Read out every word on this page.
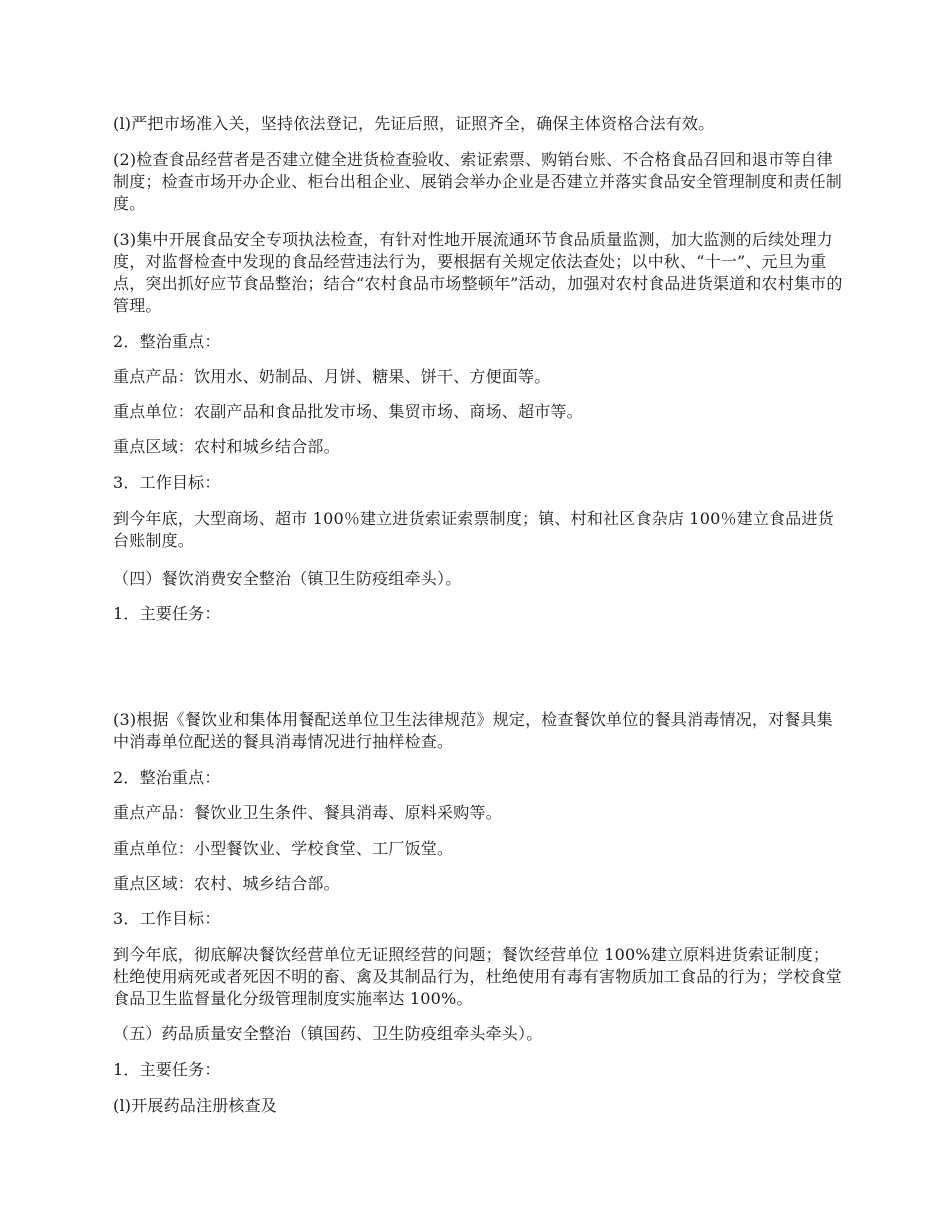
(l)严把市场准入关，坚持依法登记，先证后照，证照齐全，确保主体资格合法有效。

(2)检查食品经营者是否建立健全进货检查验收、索证索票、购销台账、不合格食品召回和退市等自律制度；检查市场开办企业、柜台出租企业、展销会举办企业是否建立并落实食品安全管理制度和责任制度。

(3)集中开展食品安全专项执法检查，有针对性地开展流通环节食品质量监测，加大监测的后续处理力度，对监督检查中发现的食品经营违法行为，要根据有关规定依法查处；以中秋、“十一”、元旦为重点，突出抓好应节食品整治；结合“农村食品市场整顿年”活动，加强对农村食品进货渠道和农村集市的管理。

2．整治重点：

重点产品：饮用水、奶制品、月饼、糖果、饼干、方便面等。

重点单位：农副产品和食品批发市场、集贸市场、商场、超市等。

重点区域：农村和城乡结合部。

3．工作目标：

到今年底，大型商场、超市 100％建立进货索证索票制度；镇、村和社区食杂店 100％建立食品进货台账制度。

（四）餐饮消费安全整治（镇卫生防疫组牵头）。

1．主要任务：

(3)根据《餐饮业和集体用餐配送单位卫生法律规范》规定，检查餐饮单位的餐具消毒情况，对餐具集中消毒单位配送的餐具消毒情况进行抽样检查。

2．整治重点：

重点产品：餐饮业卫生条件、餐具消毒、原料采购等。

重点单位：小型餐饮业、学校食堂、工厂饭堂。

重点区域：农村、城乡结合部。

3．工作目标：

到今年底，彻底解决餐饮经营单位无证照经营的问题；餐饮经营单位 100%建立原料进货索证制度；杜绝使用病死或者死因不明的畜、禽及其制品行为，杜绝使用有毒有害物质加工食品的行为；学校食堂食品卫生监督量化分级管理制度实施率达 100%。

（五）药品质量安全整治（镇国药、卫生防疫组牵头牵头）。

1．主要任务：

(l)开展药品注册核查及
